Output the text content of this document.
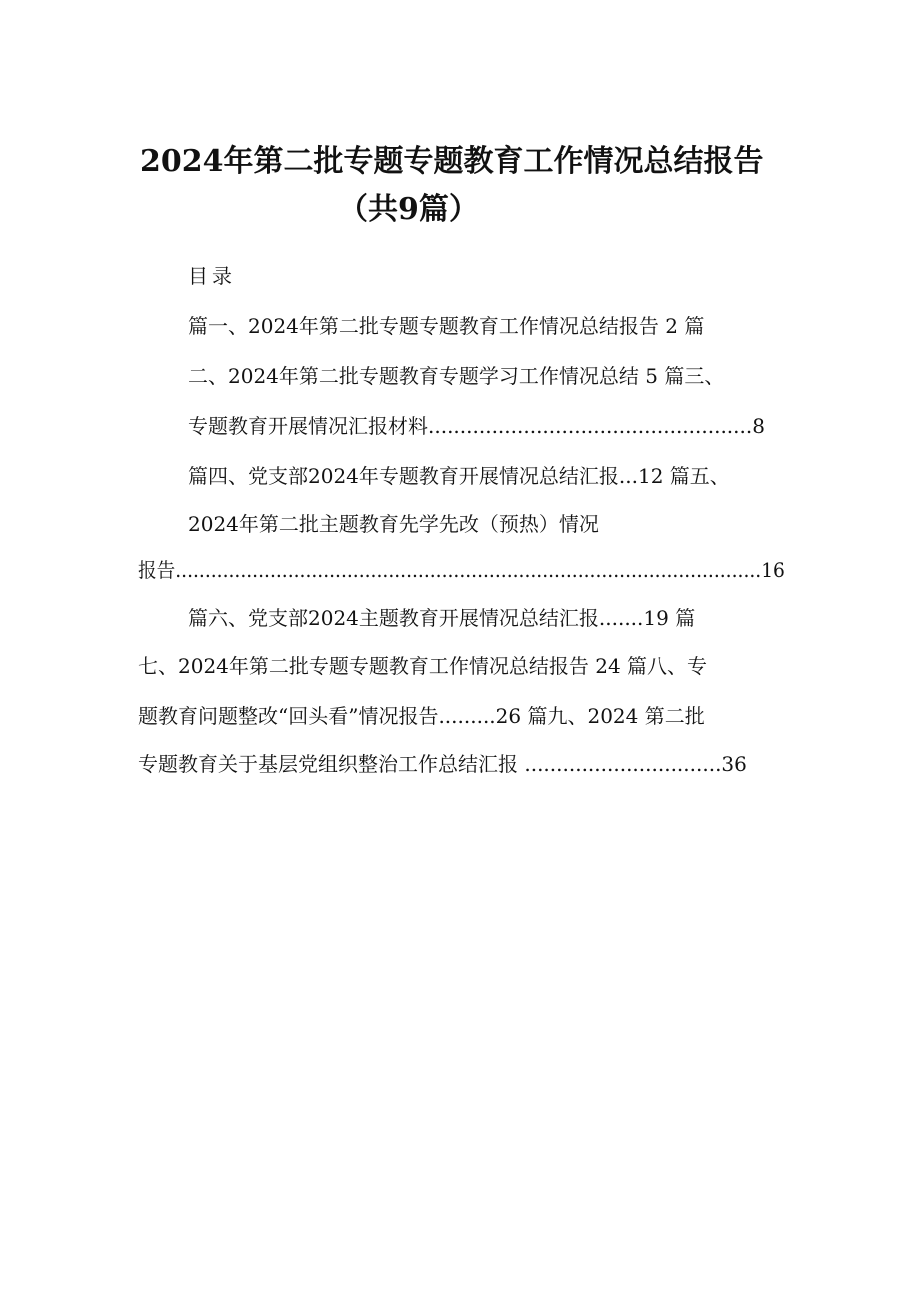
2024年第二批专题专题教育工作情况总结报告
（共9篇）
目录
篇一、2024年第二批专题专题教育工作情况总结报告 2 篇
二、2024年第二批专题教育专题学习工作情况总结 5 篇三、
专题教育开展情况汇报材料...................................................8
篇四、党支部2024年专题教育开展情况总结汇报...12 篇五、
2024年第二批主题教育先学先改（预热）情况
报告...................................................................................................16
篇六、党支部2024主题教育开展情况总结汇报.......19 篇
七、2024年第二批专题专题教育工作情况总结报告 24 篇八、专
题教育问题整改“回头看”情况报告.........26 篇九、2024 第二批
专题教育关于基层党组织整治工作总结汇报 ...............................36
